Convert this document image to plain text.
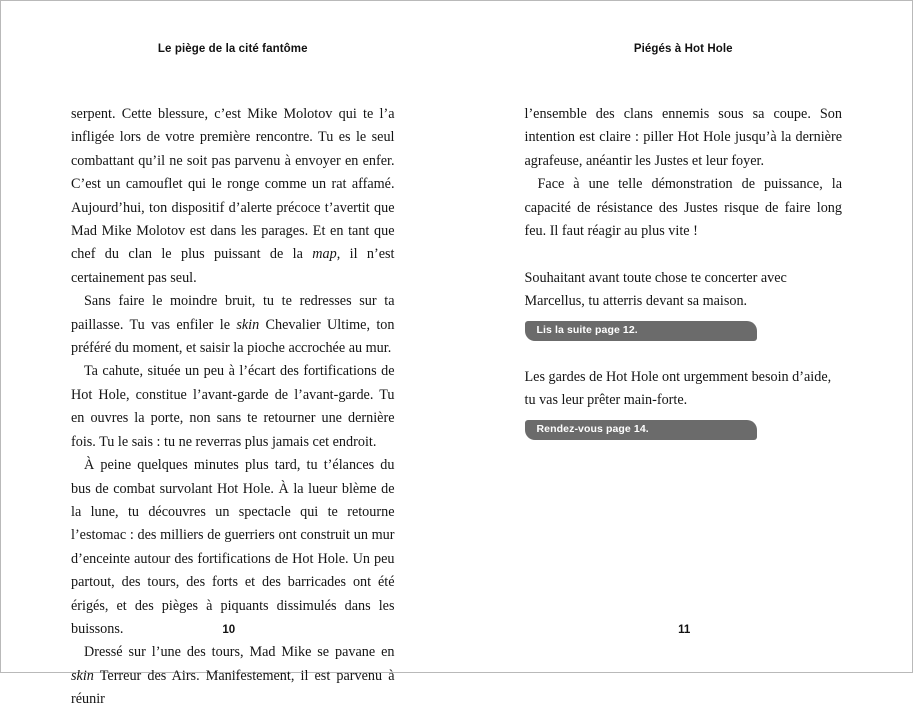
Le piège de la cité fantôme

serpent. Cette blessure, c’est Mike Molotov qui te l’a infligée lors de votre première rencontre. Tu es le seul combattant qu’il ne soit pas parvenu à envoyer en enfer. C’est un camouflet qui le ronge comme un rat affamé. Aujourd’hui, ton dispositif d’alerte précoce t’avertit que Mad Mike Molotov est dans les parages. Et en tant que chef du clan le plus puissant de la map, il n’est certainement pas seul.

Sans faire le moindre bruit, tu te redresses sur ta paillasse. Tu vas enfiler le skin Chevalier Ultime, ton préféré du moment, et saisir la pioche accrochée au mur.

Ta cahute, située un peu à l’écart des fortifications de Hot Hole, constitue l’avant-garde de l’avant-garde. Tu en ouvres la porte, non sans te retourner une dernière fois. Tu le sais : tu ne reverras plus jamais cet endroit.

À peine quelques minutes plus tard, tu t’élances du bus de combat survolant Hot Hole. À la lueur blème de la lune, tu découvres un spectacle qui te retourne l’estomac : des milliers de guerriers ont construit un mur d’enceinte autour des fortifications de Hot Hole. Un peu partout, des tours, des forts et des barricades ont été érigés, et des pièges à piquants dissimulés dans les buissons.

Dressé sur l’une des tours, Mad Mike se pavane en skin Terreur des Airs. Manifestement, il est parvenu à réunir

10
Piégés à Hot Hole

l’ensemble des clans ennemis sous sa coupe. Son intention est claire : piller Hot Hole jusqu’à la dernière agrafeuse, anéantir les Justes et leur foyer.

Face à une telle démonstration de puissance, la capacité de résistance des Justes risque de faire long feu. Il faut réagir au plus vite !

Souhaitant avant toute chose te concerter avec Marcellus, tu atterris devant sa maison.

Lis la suite page 12.

Les gardes de Hot Hole ont urgemment besoin d’aide, tu vas leur prêter main-forte.

Rendez-vous page 14.
11
